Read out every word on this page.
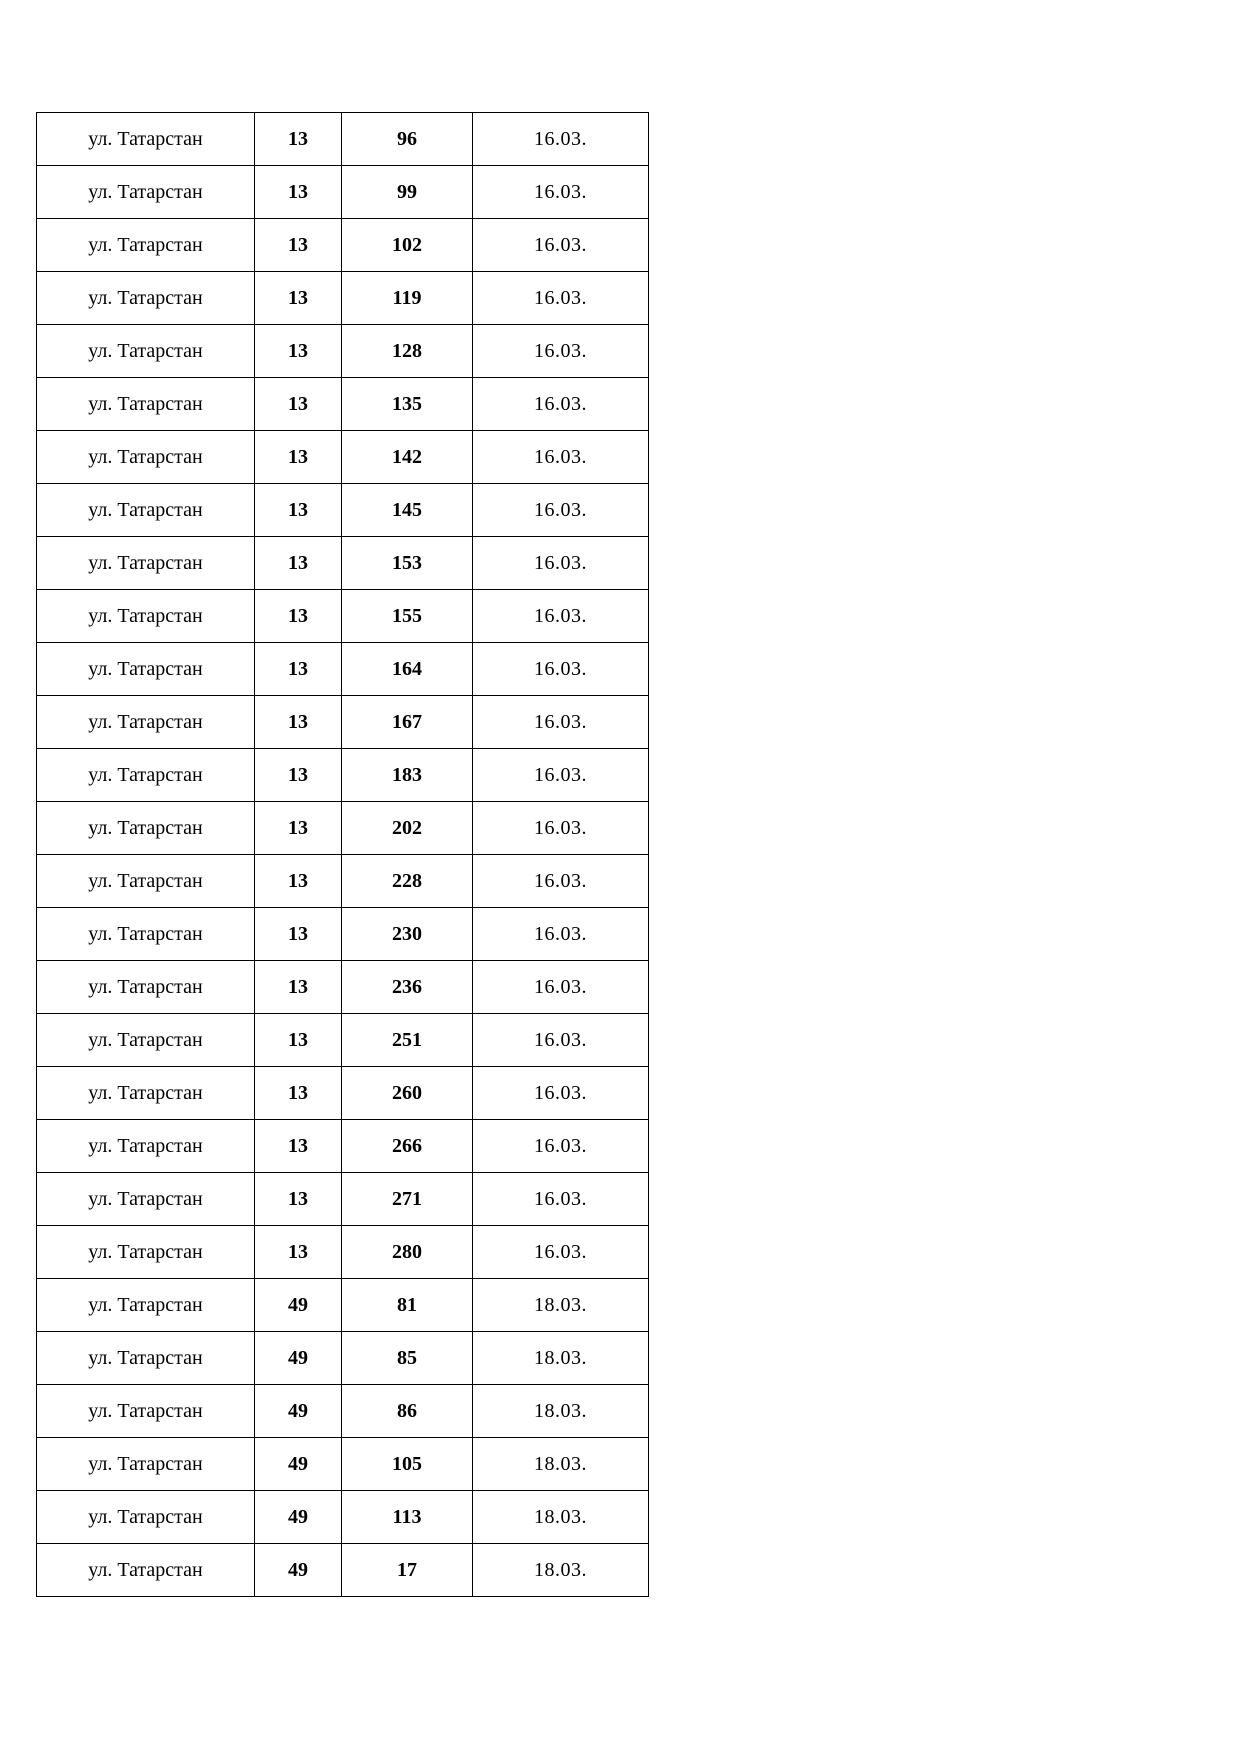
ул. Татарстан	13	96	16.03.
ул. Татарстан	13	99	16.03.
ул. Татарстан	13	102	16.03.
ул. Татарстан	13	119	16.03.
ул. Татарстан	13	128	16.03.
ул. Татарстан	13	135	16.03.
ул. Татарстан	13	142	16.03.
ул. Татарстан	13	145	16.03.
ул. Татарстан	13	153	16.03.
ул. Татарстан	13	155	16.03.
ул. Татарстан	13	164	16.03.
ул. Татарстан	13	167	16.03.
ул. Татарстан	13	183	16.03.
ул. Татарстан	13	202	16.03.
ул. Татарстан	13	228	16.03.
ул. Татарстан	13	230	16.03.
ул. Татарстан	13	236	16.03.
ул. Татарстан	13	251	16.03.
ул. Татарстан	13	260	16.03.
ул. Татарстан	13	266	16.03.
ул. Татарстан	13	271	16.03.
ул. Татарстан	13	280	16.03.
ул. Татарстан	49	81	18.03.
ул. Татарстан	49	85	18.03.
ул. Татарстан	49	86	18.03.
ул. Татарстан	49	105	18.03.
ул. Татарстан	49	113	18.03.
ул. Татарстан	49	17	18.03.
